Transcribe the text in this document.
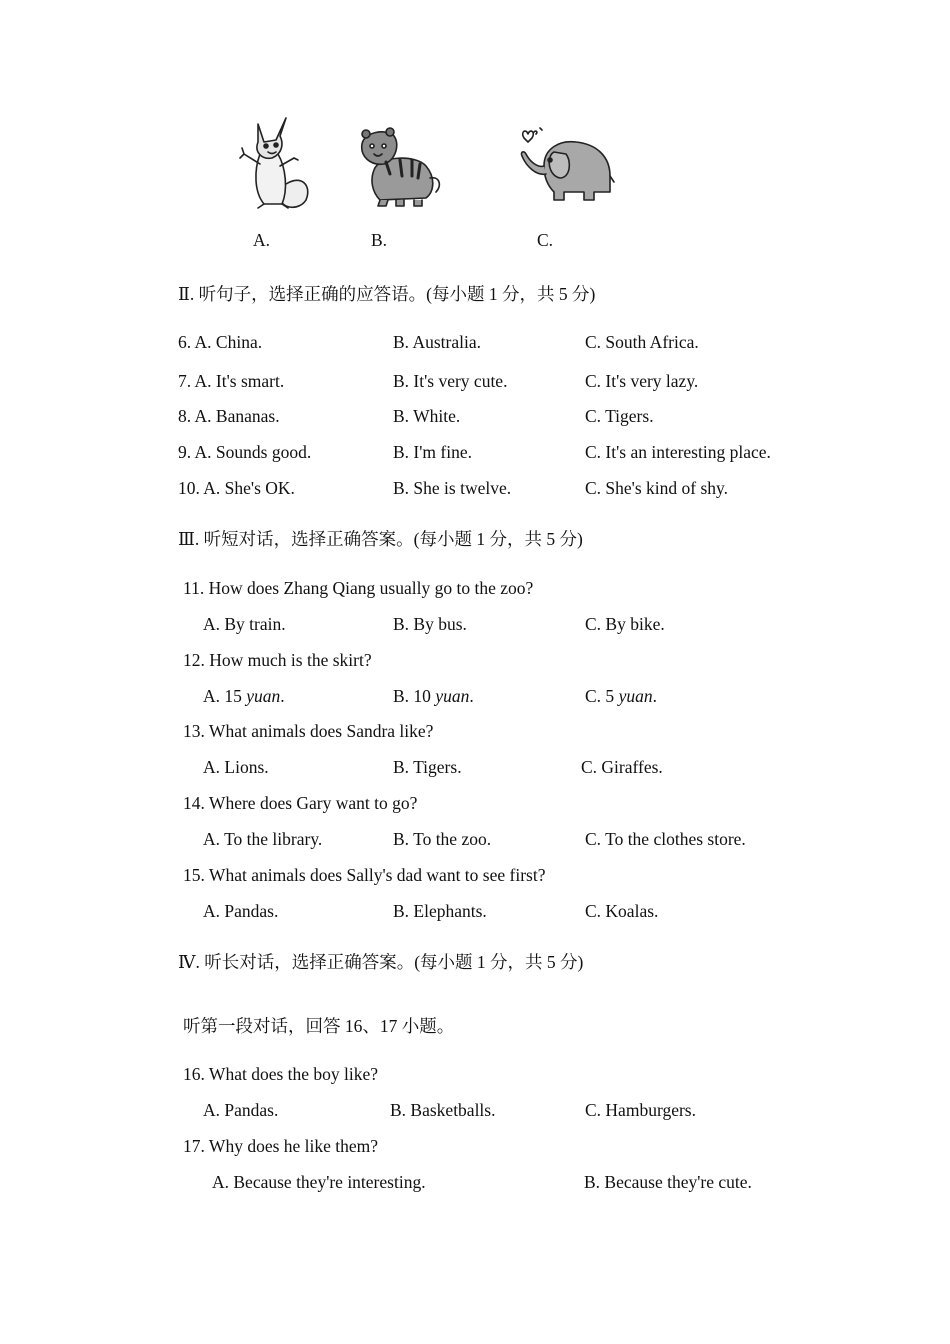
A.	B.	C.
Ⅱ. 听句子，选择正确的应答语。(每小题 1 分，共 5 分)
6. A. China.	B. Australia.	C. South Africa.
7. A. It's smart.	B. It's very cute.	C. It's very lazy.
8. A. Bananas.	B. White.	C. Tigers.
9. A. Sounds good.	B. I'm fine.	C. It's an interesting place.
10. A. She's OK.	B. She is twelve.	C. She's kind of shy.
Ⅲ. 听短对话，选择正确答案。(每小题 1 分，共 5 分)
11. How does Zhang Qiang usually go to the zoo?
A. By train.	B. By bus.	C. By bike.
12. How much is the skirt?
A. 15 yuan.	B. 10 yuan.	C. 5 yuan.
13. What animals does Sandra like?
A. Lions.	B. Tigers.	C. Giraffes.
14. Where does Gary want to go?
A. To the library.	B. To the zoo.	C. To the clothes store.
15. What animals does Sally's dad want to see first?
A. Pandas.	B. Elephants.	C. Koalas.
Ⅳ. 听长对话，选择正确答案。(每小题 1 分，共 5 分)
听第一段对话，回答 16、17 小题。
16. What does the boy like?
A. Pandas.	B. Basketballs.	C. Hamburgers.
17. Why does he like them?
A. Because they're interesting.	B. Because they're cute.
